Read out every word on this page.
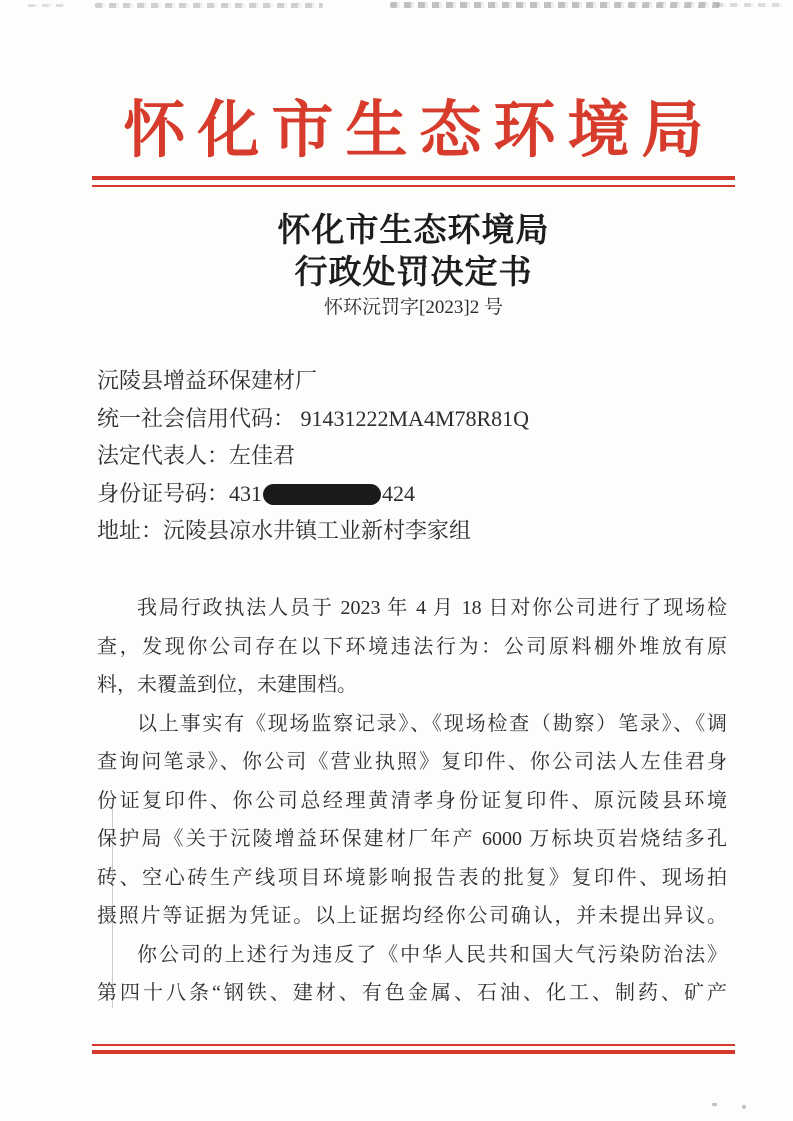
怀化市生态环境局
怀化市生态环境局
行政处罚决定书
怀环沅罚字[2023]2 号
沅陵县增益环保建材厂
统一社会信用代码： 91431222MA4M78R81Q
法定代表人：左佳君
身份证号码：431	424
地址：沅陵县凉水井镇工业新村李家组
我局行政执法人员于 2023 年 4 月 18 日对你公司进行了现场检
查，发现你公司存在以下环境违法行为：公司原料棚外堆放有原
料，未覆盖到位，未建围档。
以上事实有《现场监察记录》、《现场检查（勘察）笔录》、《调
查询问笔录》、你公司《营业执照》复印件、你公司法人左佳君身
份证复印件、你公司总经理黄清孝身份证复印件、原沅陵县环境
保护局《关于沅陵增益环保建材厂年产 6000 万标块页岩烧结多孔
砖、空心砖生产线项目环境影响报告表的批复》复印件、现场拍
摄照片等证据为凭证。以上证据均经你公司确认，并未提出异议。
你公司的上述行为违反了《中华人民共和国大气污染防治法》
第四十八条“钢铁、建材、有色金属、石油、化工、制药、矿产
